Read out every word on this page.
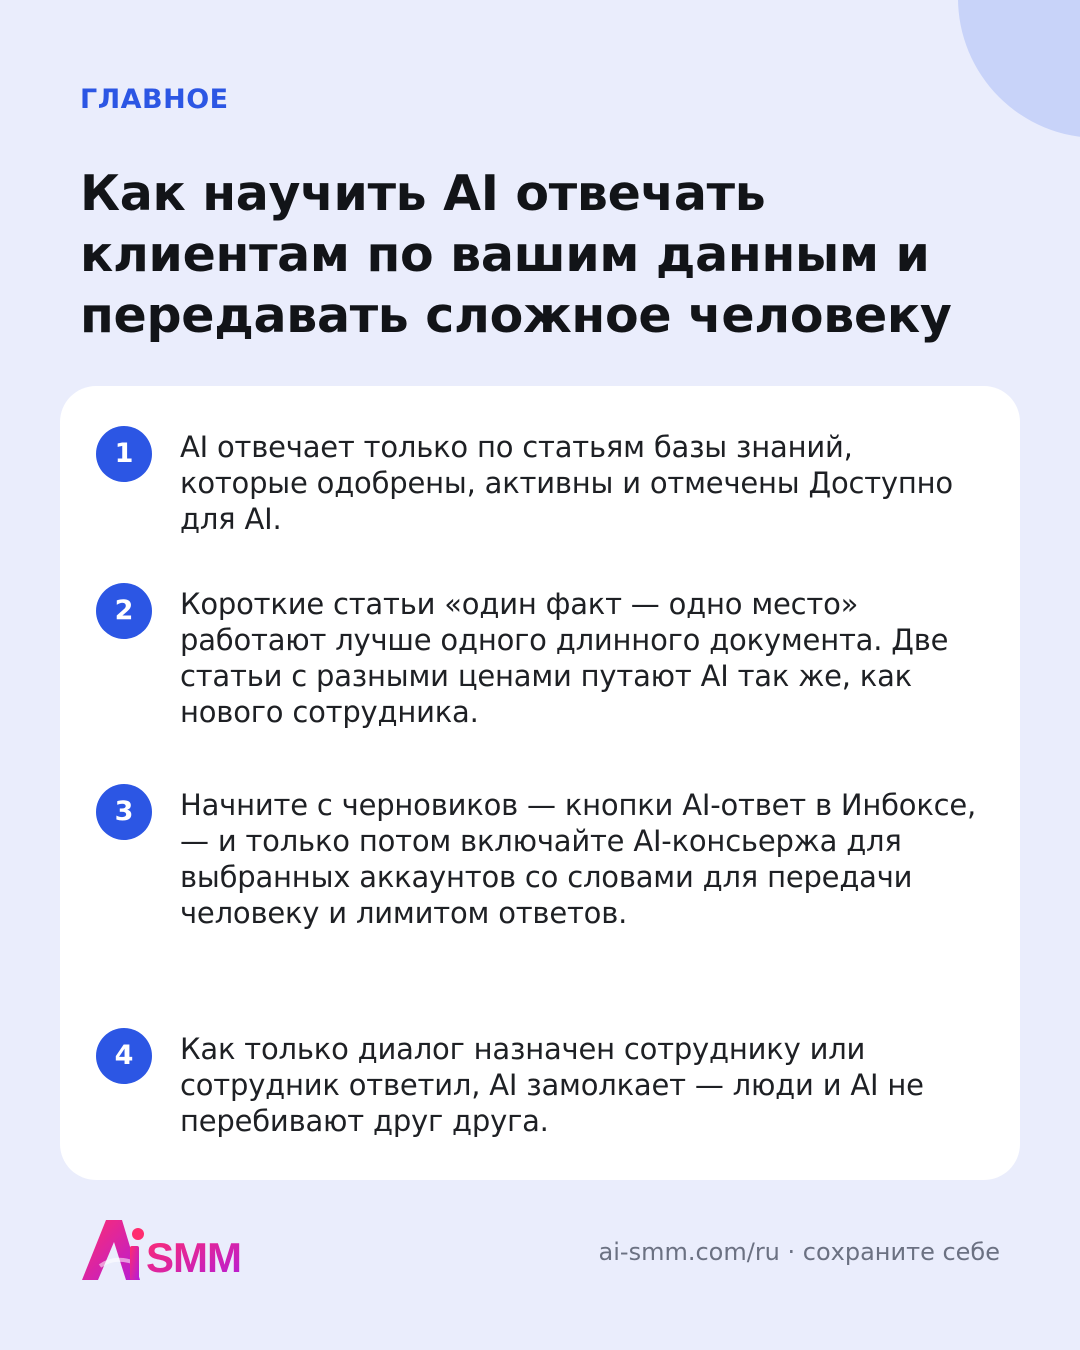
ГЛАВНОЕ
Как научить AI отвечать клиентам по вашим данным и передавать сложное человеку
1	AI отвечает только по статьям базы знаний, которые одобрены, активны и отмечены Доступно для AI.
2	Короткие статьи «один факт — одно место» работают лучше одного длинного документа. Две статьи с разными ценами путают AI так же, как нового сотрудника.
3	Начните с черновиков — кнопки AI-ответ в Инбоксе, — и только потом включайте AI-консьержа для выбранных аккаунтов со словами для передачи человеку и лимитом ответов.
4	Как только диалог назначен сотруднику или сотрудник ответил, AI замолкает — люди и AI не перебивают друг друга.
SMM	ai-smm.com/ru · сохраните себе
